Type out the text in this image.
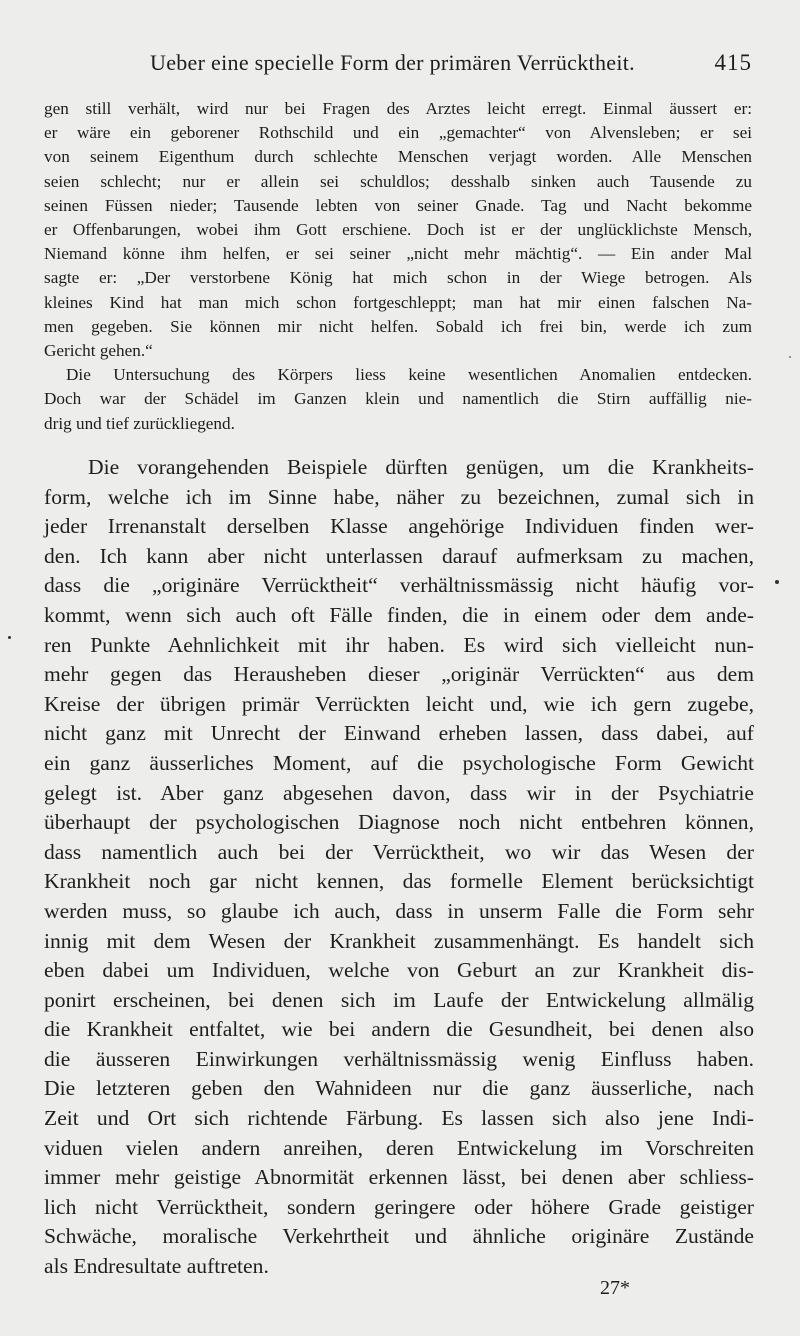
Ueber eine specielle Form der primären Verrücktheit.	415
gen still verhält, wird nur bei Fragen des Arztes leicht erregt. Einmal äussert er:
er wäre ein geborener Rothschild und ein „gemachter“ von Alvensleben; er sei
von seinem Eigenthum durch schlechte Menschen verjagt worden. Alle Menschen
seien schlecht; nur er allein sei schuldlos; desshalb sinken auch Tausende zu
seinen Füssen nieder; Tausende lebten von seiner Gnade. Tag und Nacht bekomme
er Offenbarungen, wobei ihm Gott erschiene. Doch ist er der unglücklichste Mensch,
Niemand könne ihm helfen, er sei seiner „nicht mehr mächtig“. — Ein ander Mal
sagte er: „Der verstorbene König hat mich schon in der Wiege betrogen. Als
kleines Kind hat man mich schon fortgeschleppt; man hat mir einen falschen Na-
men gegeben. Sie können mir nicht helfen. Sobald ich frei bin, werde ich zum
Gericht gehen.“
Die Untersuchung des Körpers liess keine wesentlichen Anomalien entdecken.
Doch war der Schädel im Ganzen klein und namentlich die Stirn auffällig nie-
drig und tief zurückliegend.
Die vorangehenden Beispiele dürften genügen, um die Krankheits-
form, welche ich im Sinne habe, näher zu bezeichnen, zumal sich in
jeder Irrenanstalt derselben Klasse angehörige Individuen finden wer-
den. Ich kann aber nicht unterlassen darauf aufmerksam zu machen,
dass die „originäre Verrücktheit“ verhältnissmässig nicht häufig vor-
kommt, wenn sich auch oft Fälle finden, die in einem oder dem ande-
ren Punkte Aehnlichkeit mit ihr haben. Es wird sich vielleicht nun-
mehr gegen das Herausheben dieser „originär Verrückten“ aus dem
Kreise der übrigen primär Verrückten leicht und, wie ich gern zugebe,
nicht ganz mit Unrecht der Einwand erheben lassen, dass dabei, auf
ein ganz äusserliches Moment, auf die psychologische Form Gewicht
gelegt ist. Aber ganz abgesehen davon, dass wir in der Psychiatrie
überhaupt der psychologischen Diagnose noch nicht entbehren können,
dass namentlich auch bei der Verrücktheit, wo wir das Wesen der
Krankheit noch gar nicht kennen, das formelle Element berücksichtigt
werden muss, so glaube ich auch, dass in unserm Falle die Form sehr
innig mit dem Wesen der Krankheit zusammenhängt. Es handelt sich
eben dabei um Individuen, welche von Geburt an zur Krankheit dis-
ponirt erscheinen, bei denen sich im Laufe der Entwickelung allmälig
die Krankheit entfaltet, wie bei andern die Gesundheit, bei denen also
die äusseren Einwirkungen verhältnissmässig wenig Einfluss haben.
Die letzteren geben den Wahnideen nur die ganz äusserliche, nach
Zeit und Ort sich richtende Färbung. Es lassen sich also jene Indi-
viduen vielen andern anreihen, deren Entwickelung im Vorschreiten
immer mehr geistige Abnormität erkennen lässt, bei denen aber schliess-
lich nicht Verrücktheit, sondern geringere oder höhere Grade geistiger
Schwäche, moralische Verkehrtheit und ähnliche originäre Zustände
als Endresultate auftreten.
27*
